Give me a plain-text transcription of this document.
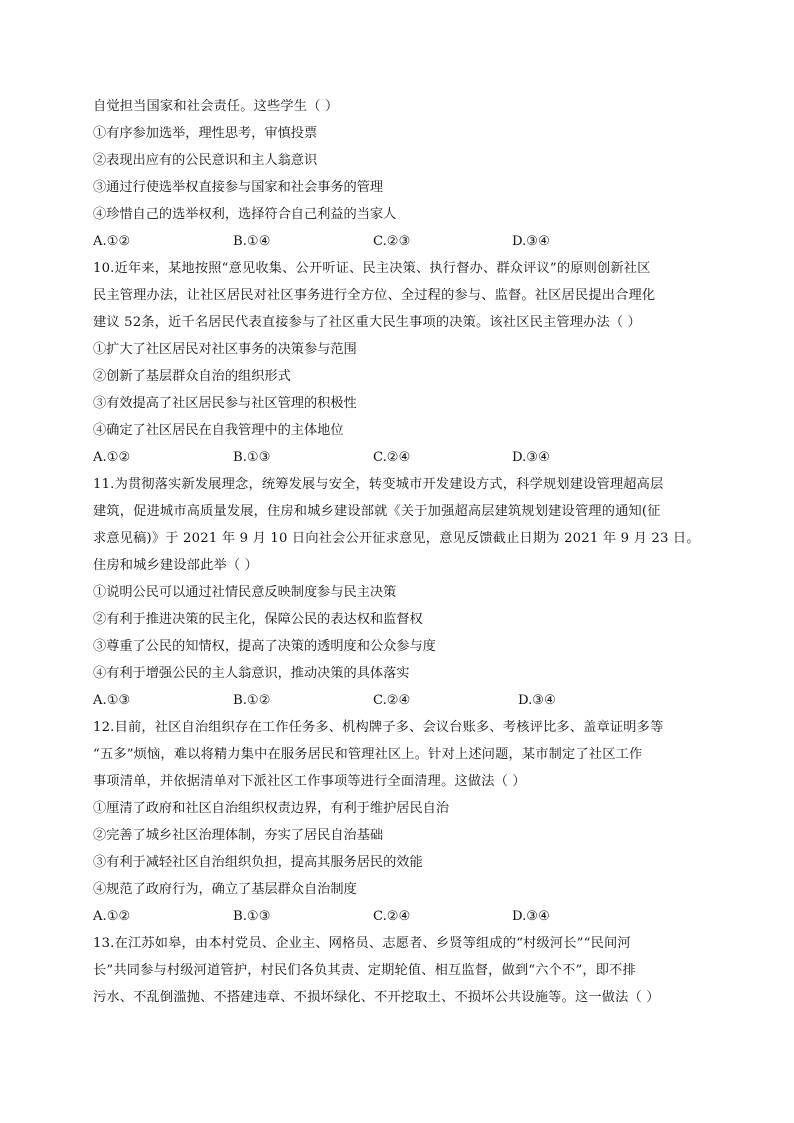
自觉担当国家和社会责任。这些学生（ ）
①有序参加选举，理性思考，审慎投票
②表现出应有的公民意识和主人翁意识
③通过行使选举权直接参与国家和社会事务的管理
④珍惜自己的选举权利，选择符合自己利益的当家人
A.①②	B.①④	C.②③	D.③④
10.近年来，某地按照“意见收集、公开听证、民主决策、执行督办、群众评议”的原则创新社区
民主管理办法，让社区居民对社区事务进行全方位、全过程的参与、监督。社区居民提出合理化
建议 52条，近千名居民代表直接参与了社区重大民生事项的决策。该社区民主管理办法（ ）
①扩大了社区居民对社区事务的决策参与范围
②创新了基层群众自治的组织形式
③有效提高了社区居民参与社区管理的积极性
④确定了社区居民在自我管理中的主体地位
A.①②	B.①③	C.②④	D.③④
11.为贯彻落实新发展理念，统筹发展与安全，转变城市开发建设方式，科学规划建设管理超高层
建筑，促进城市高质量发展，住房和城乡建设部就《关于加强超高层建筑规划建设管理的通知(征
求意见稿)》于 2021 年 9 月 10 日向社会公开征求意见，意见反馈截止日期为 2021 年 9 月 23 日。
住房和城乡建设部此举（ ）
①说明公民可以通过社情民意反映制度参与民主决策
②有利于推进决策的民主化，保障公民的表达权和监督权
③尊重了公民的知情权，提高了决策的透明度和公众参与度
④有利于增强公民的主人翁意识，推动决策的具体落实
A.①③	B.①②	C.②④	D.③④
12.目前，社区自治组织存在工作任务多、机构牌子多、会议台账多、考核评比多、盖章证明多等
“五多”烦恼，难以将精力集中在服务居民和管理社区上。针对上述问题，某市制定了社区工作
事项清单，并依据清单对下派社区工作事项等进行全面清理。这做法（ ）
①厘清了政府和社区自治组织权责边界，有利于维护居民自治
②完善了城乡社区治理体制，夯实了居民自治基础
③有利于减轻社区自治组织负担，提高其服务居民的效能
④规范了政府行为，确立了基层群众自治制度
A.①②	B.①③	C.②④	D.③④
13.在江苏如皋，由本村党员、企业主、网格员、志愿者、乡贤等组成的“村级河长”“民间河
长”共同参与村级河道管护，村民们各负其责、定期轮值、相互监督，做到“六个不”，即不排
污水、不乱倒滥抛、不搭建违章、不损坏绿化、不开挖取土、不损坏公共设施等。这一做法（ ）
